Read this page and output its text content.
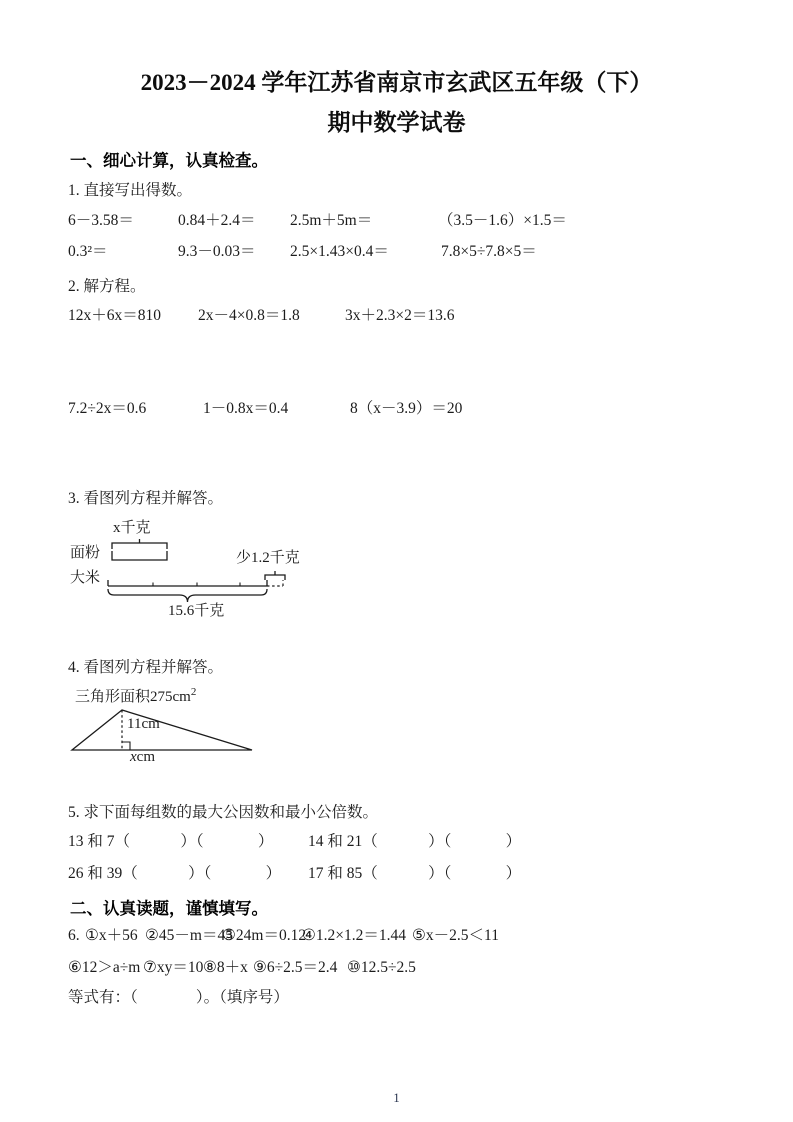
2023－2024 学年江苏省南京市玄武区五年级（下）
期中数学试卷
一、细心计算，认真检查。
1. 直接写出得数。
6－3.58＝	0.84＋2.4＝ 2.5m＋5m＝	（3.5－1.6）×1.5＝
0.3²＝	9.3－0.03＝ 2.5×1.43×0.4＝	7.8×5÷7.8×5＝
2. 解方程。
12x＋6x＝810 2x－4×0.8＝1.8	3x＋2.3×2＝13.6
7.2÷2x＝0.6	1－0.8x＝0.4	8（x－3.9）＝20
3. 看图列方程并解答。
x千克
面粉	少1.2千克
大米
15.6千克
4. 看图列方程并解答。
三角形面积$275cm^2$
11cm
xcm
5. 求下面每组数的最大公因数和最小公倍数。
13 和 7（             ）（              ） 14 和 21（             ）（              ）
26 和 39（             ）（              ） 17 和 85（             ）（              ）
二、认真读题，谨慎填写。
6. ①x＋56 ②45－m＝45
③24m＝0.12
④1.2×1.2＝1.44 ⑤x－2.5＜11
⑥12＞a÷m ⑦xy＝10 ⑧8＋x ⑨6÷2.5＝2.4 ⑩12.5÷2.5
等式有：（               ）。（填序号）
1
